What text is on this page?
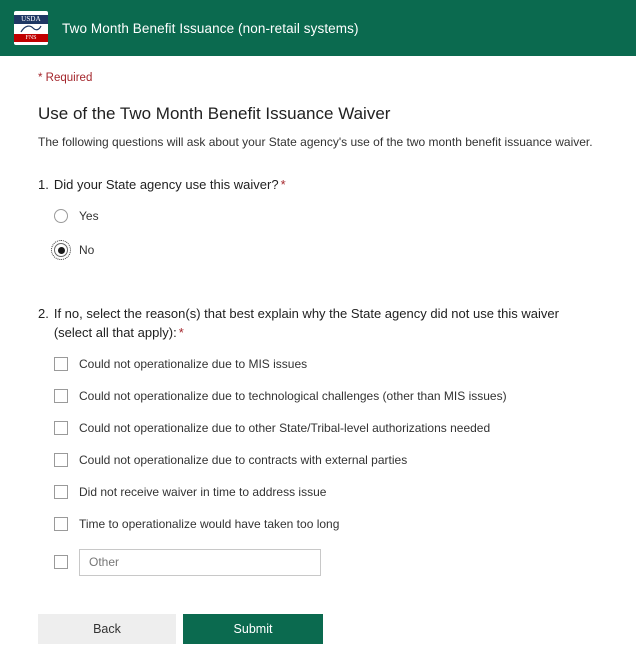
USDA
FNS
Two Month Benefit Issuance (non-retail systems)
* Required
Use of the Two Month Benefit Issuance Waiver

The following questions will ask about your State agency's use of the two month benefit issuance waiver.

1. Did your State agency use this waiver? *
Yes
No
2. If no, select the reason(s) that best explain why the State agency did not use this waiver (select all that apply): *
Could not operationalize due to MIS issues
Could not operationalize due to technological challenges (other than MIS issues)
Could not operationalize due to other State/Tribal-level authorizations needed
Could not operationalize due to contracts with external parties
Did not receive waiver in time to address issue
Time to operationalize would have taken too long
Other
Back	Submit
